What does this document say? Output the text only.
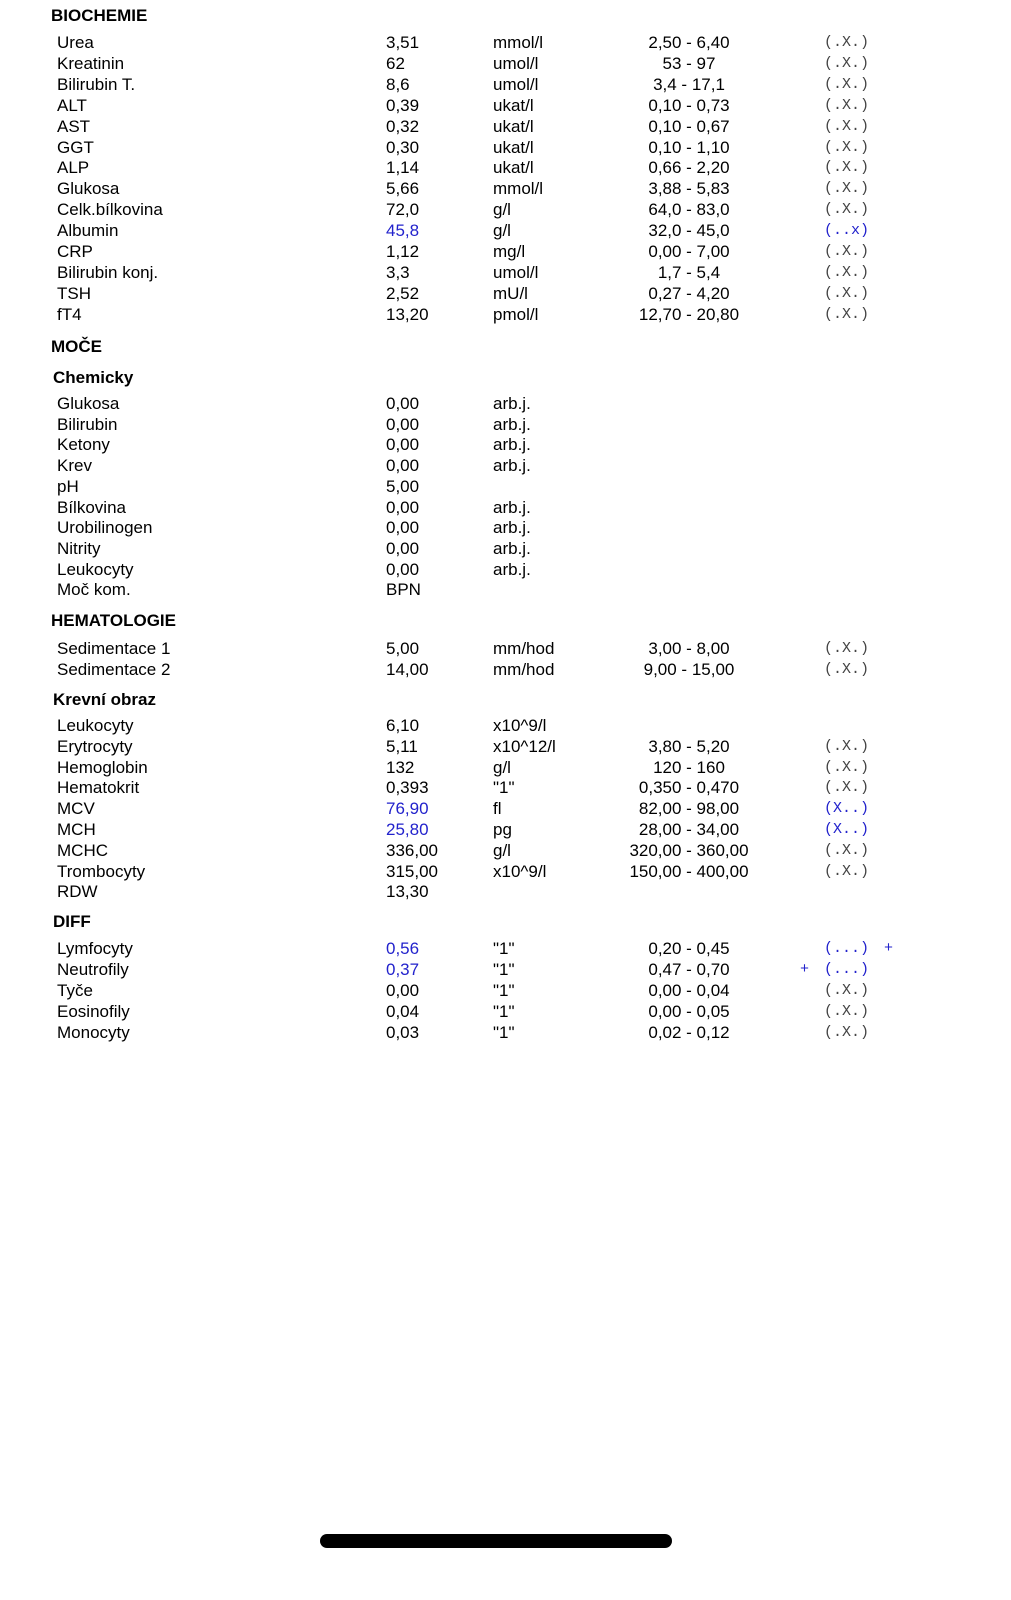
BIOCHEMIE
Urea	3,51	mmol/l	2,50 - 6,40	(.X.)
Kreatinin	62	umol/l	53 - 97	(.X.)
Bilirubin T.	8,6	umol/l	3,4 - 17,1	(.X.)
ALT	0,39	ukat/l	0,10 - 0,73	(.X.)
AST	0,32	ukat/l	0,10 - 0,67	(.X.)
GGT	0,30	ukat/l	0,10 - 1,10	(.X.)
ALP	1,14	ukat/l	0,66 - 2,20	(.X.)
Glukosa	5,66	mmol/l	3,88 - 5,83	(.X.)
Celk.bílkovina	72,0	g/l	64,0 - 83,0	(.X.)
Albumin	45,8	g/l	32,0 - 45,0	(..x)
CRP	1,12	mg/l	0,00 - 7,00	(.X.)
Bilirubin konj.	3,3	umol/l	1,7 - 5,4	(.X.)
TSH	2,52	mU/l	0,27 - 4,20	(.X.)
fT4	13,20	pmol/l	12,70 - 20,80	(.X.)
MOČE
Chemicky
Glukosa	0,00	arb.j.
Bilirubin	0,00	arb.j.
Ketony	0,00	arb.j.
Krev	0,00	arb.j.
pH	5,00
Bílkovina	0,00	arb.j.
Urobilinogen	0,00	arb.j.
Nitrity	0,00	arb.j.
Leukocyty	0,00	arb.j.
Moč kom.	BPN
HEMATOLOGIE
Sedimentace 1	5,00	mm/hod	3,00 - 8,00	(.X.)
Sedimentace 2	14,00	mm/hod	9,00 - 15,00	(.X.)
Krevní obraz
Leukocyty	6,10	x10^9/l
Erytrocyty	5,11	x10^12/l	3,80 - 5,20	(.X.)
Hemoglobin	132	g/l	120 - 160	(.X.)
Hematokrit	0,393	"1"	0,350 - 0,470	(.X.)
MCV	76,90	fl	82,00 - 98,00	(X..)
MCH	25,80	pg	28,00 - 34,00	(X..)
MCHC	336,00	g/l	320,00 - 360,00	(.X.)
Trombocyty	315,00	x10^9/l	150,00 - 400,00	(.X.)
RDW	13,30
DIFF
Lymfocyty	0,56	"1"	0,20 - 0,45	(...) +
Neutrofily	0,37	"1"	0,47 - 0,70	+ (...)
Tyče	0,00	"1"	0,00 - 0,04	(.X.)
Eosinofily	0,04	"1"	0,00 - 0,05	(.X.)
Monocyty	0,03	"1"	0,02 - 0,12	(.X.)
